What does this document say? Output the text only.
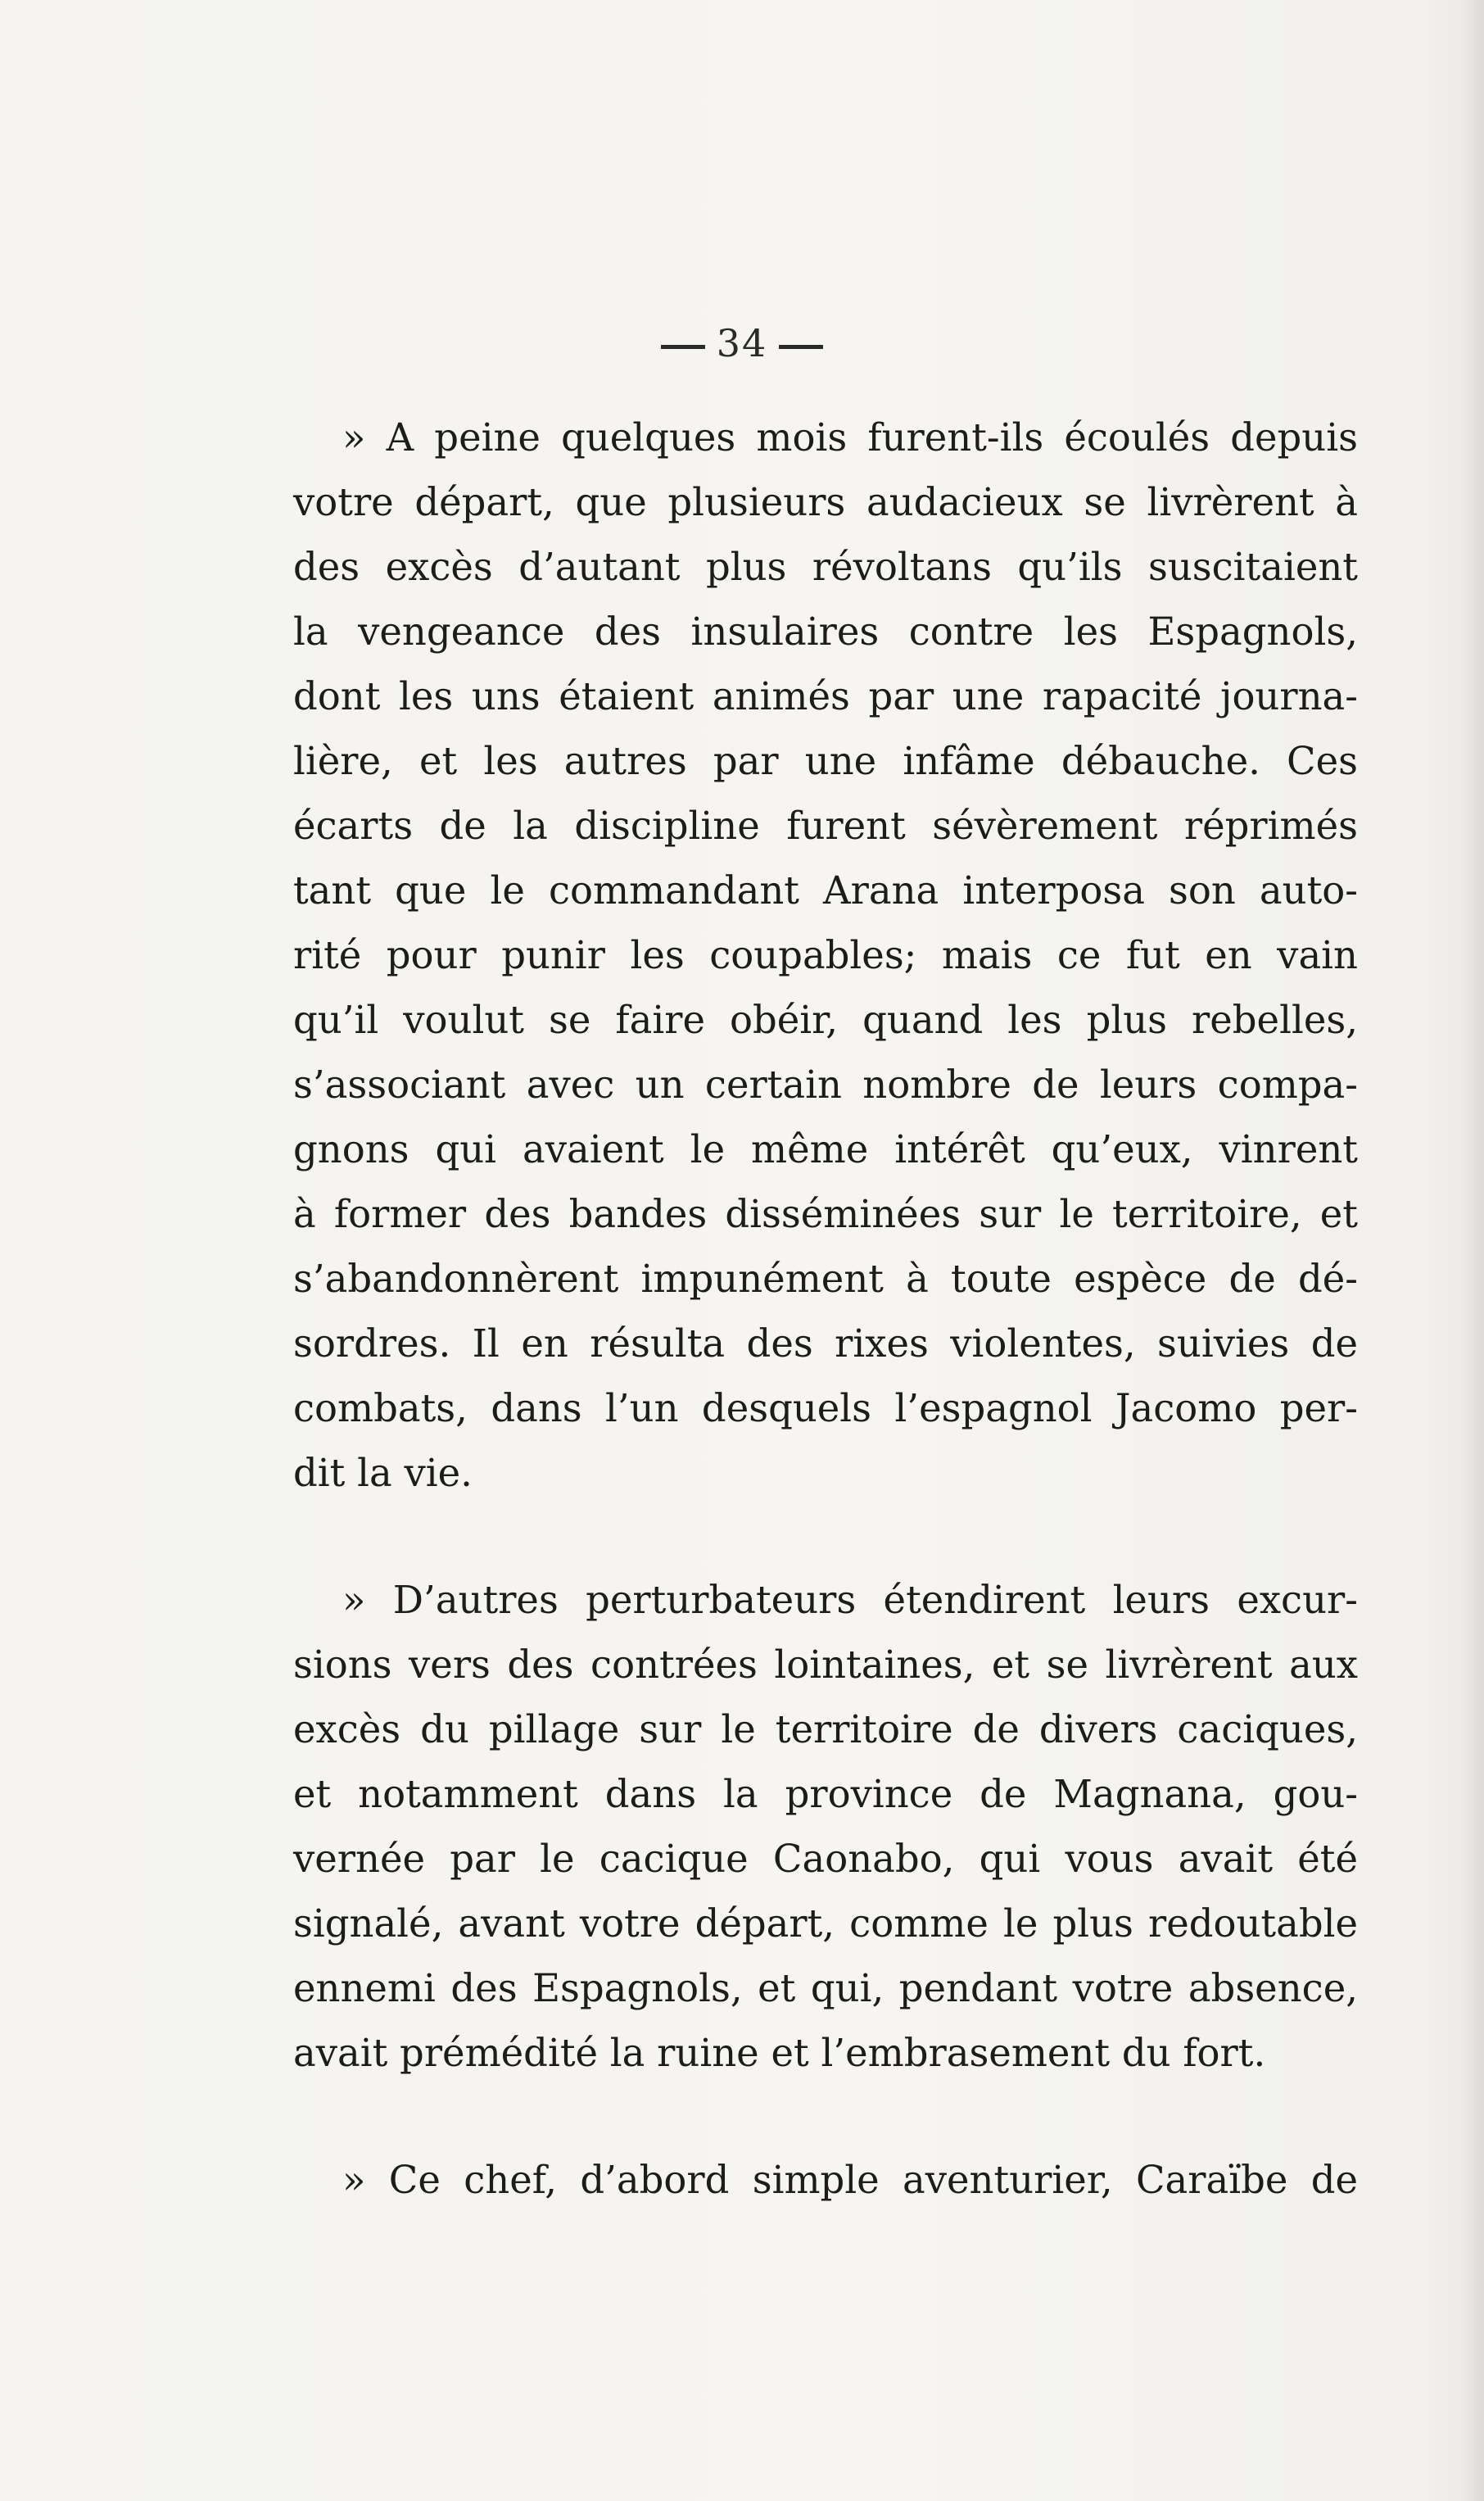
34
» A peine quelques mois furent-ils écoulés depuis
votre départ, que plusieurs audacieux se livrèrent à
des excès d’autant plus révoltans qu’ils suscitaient
la vengeance des insulaires contre les Espagnols,
dont les uns étaient animés par une rapacité journa-
lière, et les autres par une infâme débauche. Ces
écarts de la discipline furent sévèrement réprimés
tant que le commandant Arana interposa son auto-
rité pour punir les coupables; mais ce fut en vain
qu’il voulut se faire obéir, quand les plus rebelles,
s’associant avec un certain nombre de leurs compa-
gnons qui avaient le même intérêt qu’eux, vinrent
à former des bandes disséminées sur le territoire, et
s’abandonnèrent impunément à toute espèce de dé-
sordres. Il en résulta des rixes violentes, suivies de
combats, dans l’un desquels l’espagnol Jacomo per-
dit la vie.
» D’autres perturbateurs étendirent leurs excur-
sions vers des contrées lointaines, et se livrèrent aux
excès du pillage sur le territoire de divers caciques,
et notamment dans la province de Magnana, gou-
vernée par le cacique Caonabo, qui vous avait été
signalé, avant votre départ, comme le plus redoutable
ennemi des Espagnols, et qui, pendant votre absence,
avait prémédité la ruine et l’embrasement du fort.
» Ce chef, d’abord simple aventurier, Caraïbe de
